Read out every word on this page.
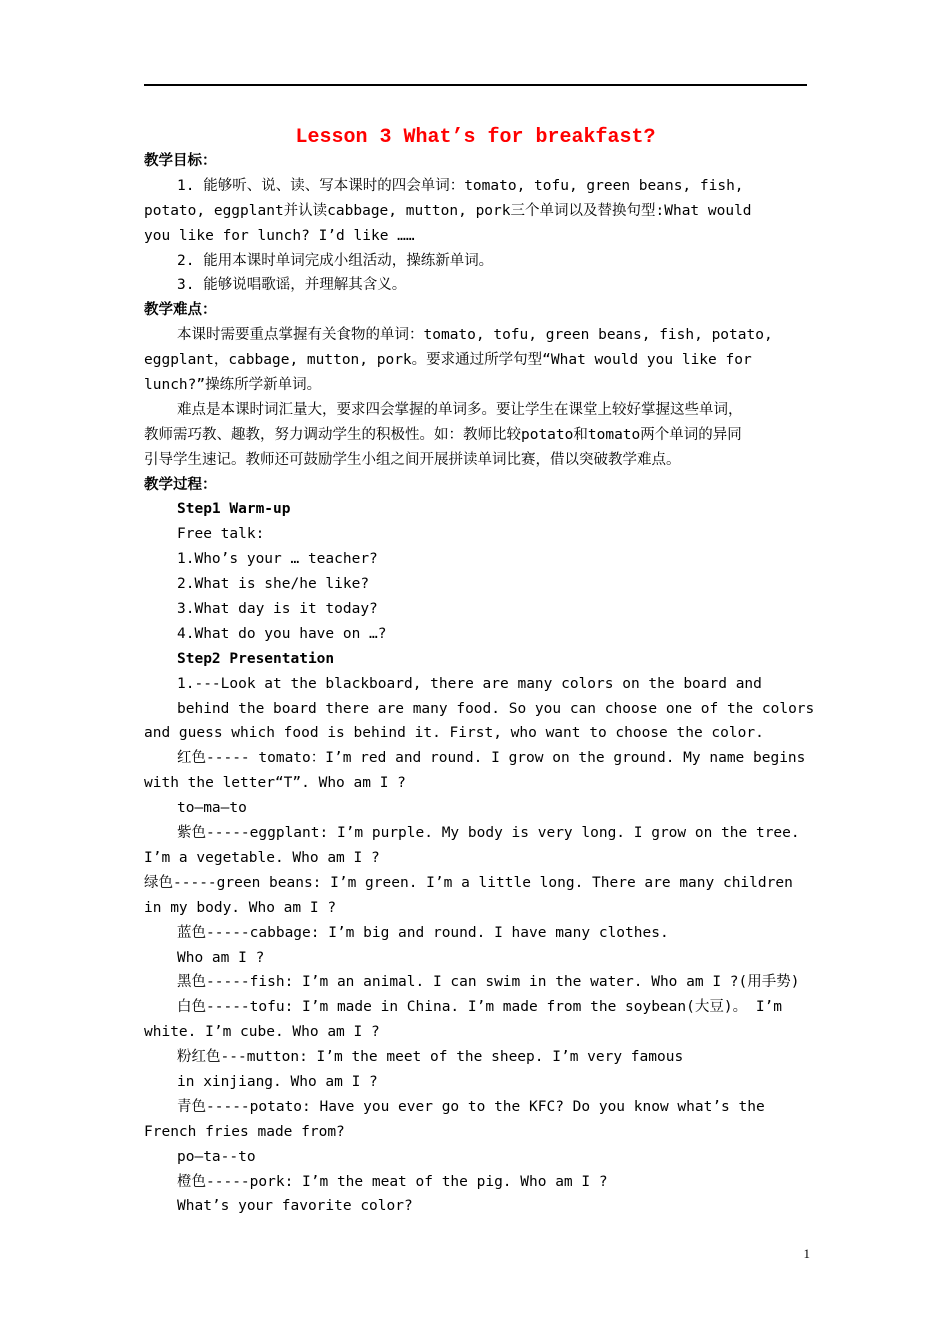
Lesson 3 What’s for breakfast?
教学目标：
1. 能够听、说、读、写本课时的四会单词：tomato, tofu, green beans, fish,
potato, eggplant并认读cabbage, mutton, pork三个单词以及替换句型:What would
you like for lunch? I’d like ……
2. 能用本课时单词完成小组活动，操练新单词。
3. 能够说唱歌谣，并理解其含义。
教学难点：
本课时需要重点掌握有关食物的单词：tomato, tofu, green beans, fish, potato,
eggplant，cabbage, mutton, pork。要求通过所学句型“What would you like for
lunch?”操练所学新单词。
难点是本课时词汇量大，要求四会掌握的单词多。要让学生在课堂上较好掌握这些单词，
教师需巧教、趣教，努力调动学生的积极性。如：教师比较potato和tomato两个单词的异同
引导学生速记。教师还可鼓励学生小组之间开展拼读单词比赛，借以突破教学难点。
教学过程：
Step1 Warm-up
Free talk:
1.Who’s your … teacher?
2.What is she/he like?
3.What day is it today?
4.What do you have on …?
Step2 Presentation
1.---Look at the blackboard, there are many colors on the board and
behind the board there are many food. So you can choose one of the colors
and guess which food is behind it. First, who want to choose the color.
红色----- tomato：I’m red and round. I grow on the ground. My name begins
with the letter“T”. Who am I ?
to—ma—to
紫色-----eggplant: I’m purple. My body is very long. I grow on the tree.
I’m a vegetable. Who am I ?
绿色-----green beans: I’m green. I’m a little long. There are many children
in my body. Who am I ?
蓝色-----cabbage: I’m big and round. I have many clothes.
Who am I ?
黑色-----fish: I’m an animal. I can swim in the water. Who am I ?(用手势)
白色-----tofu: I’m made in China. I’m made from the soybean(大豆)。 I’m
white. I’m cube. Who am I ?
粉红色---mutton: I’m the meet of the sheep. I’m very famous
in xinjiang. Who am I ?
青色-----potato: Have you ever go to the KFC? Do you know what’s the
French fries made from?
po—ta--to
橙色-----pork: I’m the meat of the pig. Who am I ?
What’s your favorite color?
1
